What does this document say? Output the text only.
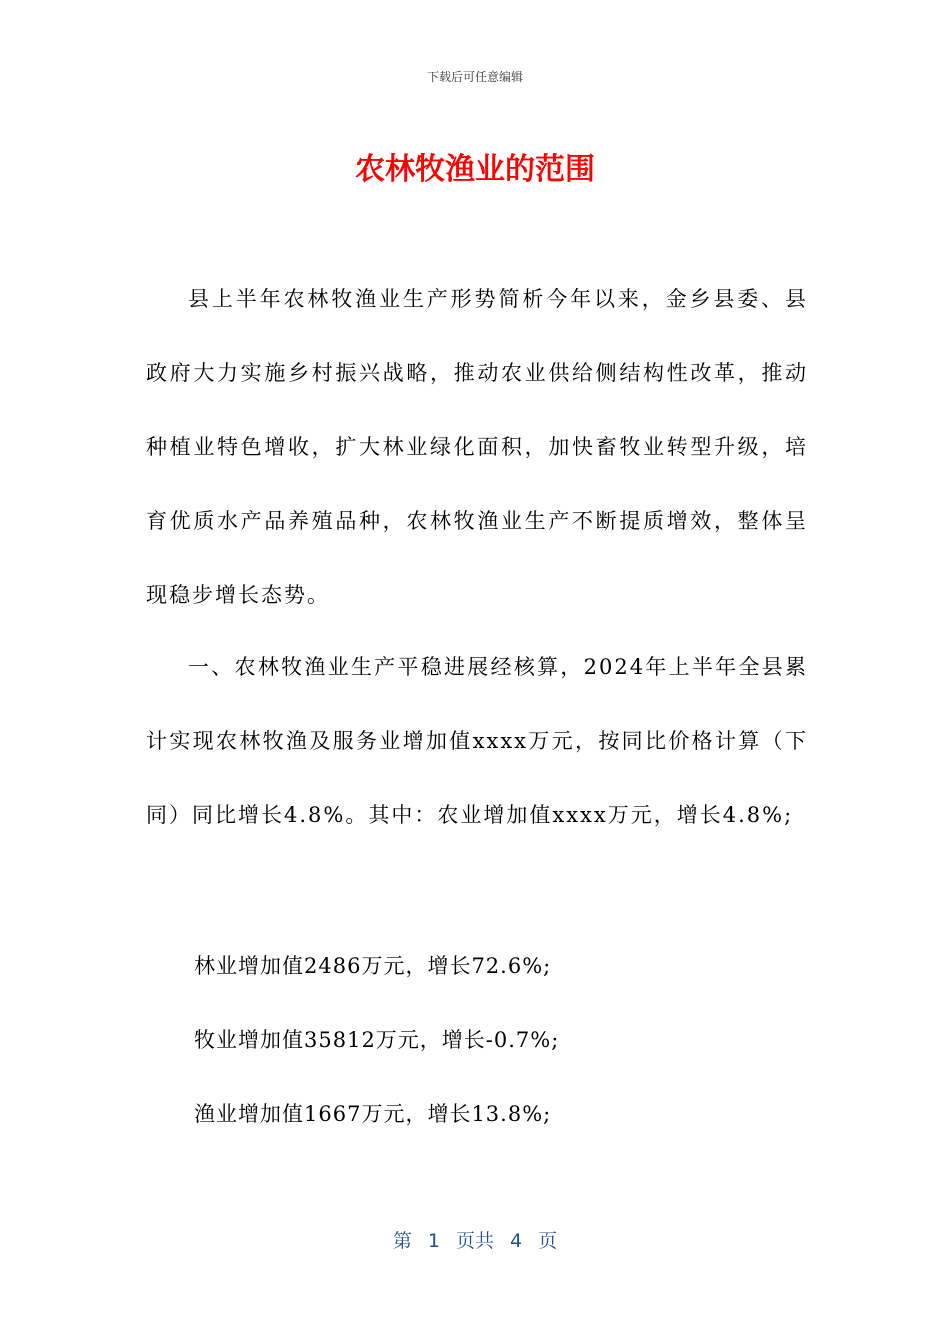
下载后可任意编辑
农林牧渔业的范围

县上半年农林牧渔业生产形势简析今年以来，金乡县委、县政府大力实施乡村振兴战略，推动农业供给侧结构性改革，推动种植业特色增收，扩大林业绿化面积，加快畜牧业转型升级，培育优质水产品养殖品种，农林牧渔业生产不断提质增效，整体呈现稳步增长态势。

一、农林牧渔业生产平稳进展经核算，2024年上半年全县累计实现农林牧渔及服务业增加值xxxx万元，按同比价格计算（下同）同比增长4.8%。其中：农业增加值xxxx万元，增长4.8%;

林业增加值2486万元，增长72.6%;
牧业增加值35812万元，增长-0.7%;
渔业增加值1667万元，增长13.8%;
第 1 页共 4 页
